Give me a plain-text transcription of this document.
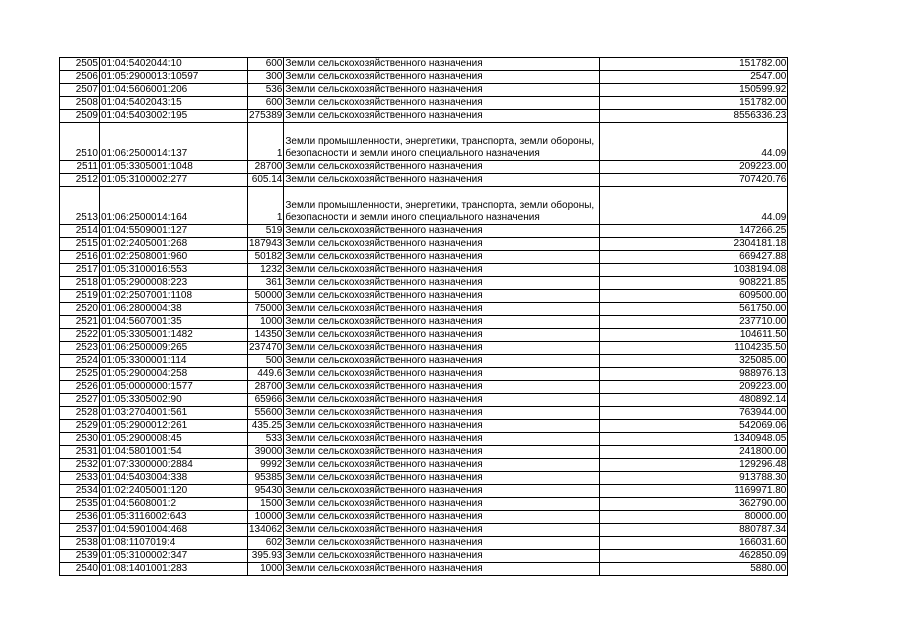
2505	01:04:5402044:10	600	Земли сельскохозяйственного назначения	151782.00
2506	01:05:2900013:10597	300	Земли сельскохозяйственного назначения	2547.00
2507	01:04:5606001:206	536	Земли сельскохозяйственного назначения	150599.92
2508	01:04:5402043:15	600	Земли сельскохозяйственного назначения	151782.00
2509	01:04:5403002:195	275389	Земли сельскохозяйственного назначения	8556336.23
2510	01:06:2500014:137	1	Земли промышленности, энергетики, транспорта, земли обороны, безопасности и земли иного специального назначения	44.09
2511	01:05:3305001:1048	28700	Земли сельскохозяйственного назначения	209223.00
2512	01:05:3100002:277	605.14	Земли сельскохозяйственного назначения	707420.76
2513	01:06:2500014:164	1	Земли промышленности, энергетики, транспорта, земли обороны, безопасности и земли иного специального назначения	44.09
2514	01:04:5509001:127	519	Земли сельскохозяйственного назначения	147266.25
2515	01:02:2405001:268	187943	Земли сельскохозяйственного назначения	2304181.18
2516	01:02:2508001:960	50182	Земли сельскохозяйственного назначения	669427.88
2517	01:05:3100016:553	1232	Земли сельскохозяйственного назначения	1038194.08
2518	01:05:2900008:223	361	Земли сельскохозяйственного назначения	908221.85
2519	01:02:2507001:1108	50000	Земли сельскохозяйственного назначения	609500.00
2520	01:06:2800004:38	75000	Земли сельскохозяйственного назначения	561750.00
2521	01:04:5607001:35	1000	Земли сельскохозяйственного назначения	237710.00
2522	01:05:3305001:1482	14350	Земли сельскохозяйственного назначения	104611.50
2523	01:06:2500009:265	237470	Земли сельскохозяйственного назначения	1104235.50
2524	01:05:3300001:114	500	Земли сельскохозяйственного назначения	325085.00
2525	01:05:2900004:258	449.6	Земли сельскохозяйственного назначения	988976.13
2526	01:05:0000000:1577	28700	Земли сельскохозяйственного назначения	209223.00
2527	01:05:3305002:90	65966	Земли сельскохозяйственного назначения	480892.14
2528	01:03:2704001:561	55600	Земли сельскохозяйственного назначения	763944.00
2529	01:05:2900012:261	435.25	Земли сельскохозяйственного назначения	542069.06
2530	01:05:2900008:45	533	Земли сельскохозяйственного назначения	1340948.05
2531	01:04:5801001:54	39000	Земли сельскохозяйственного назначения	241800.00
2532	01:07:3300000:2884	9992	Земли сельскохозяйственного назначения	129296.48
2533	01:04:5403004:338	95385	Земли сельскохозяйственного назначения	913788.30
2534	01:02:2405001:120	95430	Земли сельскохозяйственного назначения	1169971.80
2535	01:04:5608001:2	1500	Земли сельскохозяйственного назначения	362790.00
2536	01:05:3116002:643	10000	Земли сельскохозяйственного назначения	80000.00
2537	01:04:5901004:468	134062	Земли сельскохозяйственного назначения	880787.34
2538	01:08:1107019:4	602	Земли сельскохозяйственного назначения	166031.60
2539	01:05:3100002:347	395.93	Земли сельскохозяйственного назначения	462850.09
2540	01:08:1401001:283	1000	Земли сельскохозяйственного назначения	5880.00
